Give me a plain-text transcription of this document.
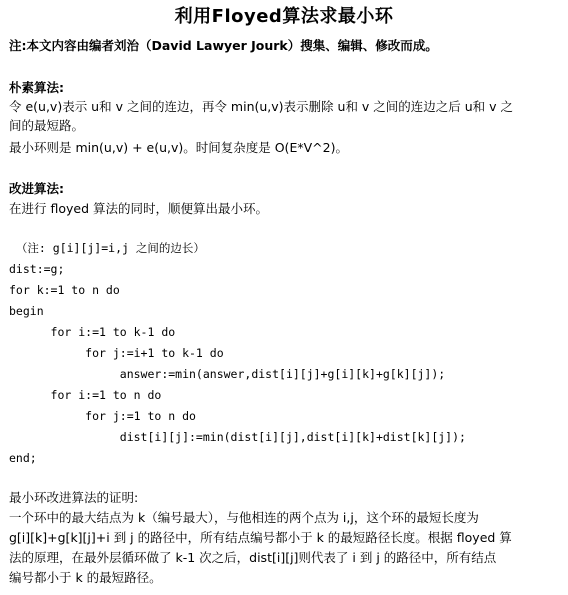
利用Floyed算法求最小环
注:本文内容由编者刘治（David Lawyer Jourk）搜集、编辑、修改而成。
朴素算法:
令 e(u,v)表示 u和 v 之间的连边，再令 min(u,v)表示删除 u和 v 之间的连边之后 u和 v 之
间的最短路。
最小环则是 min(u,v) + e(u,v)。时间复杂度是 O(E*V^2)。
改进算法:
在进行 floyed 算法的同时，顺便算出最小环。
（注: g[i][j]=i,j 之间的边长）
dist:=g;
for k:=1 to n do
begin
for i:=1 to k-1 do
for j:=i+1 to k-1 do
answer:=min(answer,dist[i][j]+g[i][k]+g[k][j]);
for i:=1 to n do
for j:=1 to n do
dist[i][j]:=min(dist[i][j],dist[i][k]+dist[k][j]);
end;
最小环改进算法的证明:
一个环中的最大结点为 k（编号最大），与他相连的两个点为 i,j，这个环的最短长度为
g[i][k]+g[k][j]+i 到 j 的路径中，所有结点编号都小于 k 的最短路径长度。根据 floyed 算
法的原理，在最外层循环做了 k-1 次之后，dist[i][j]则代表了 i 到 j 的路径中，所有结点
编号都小于 k 的最短路径。
